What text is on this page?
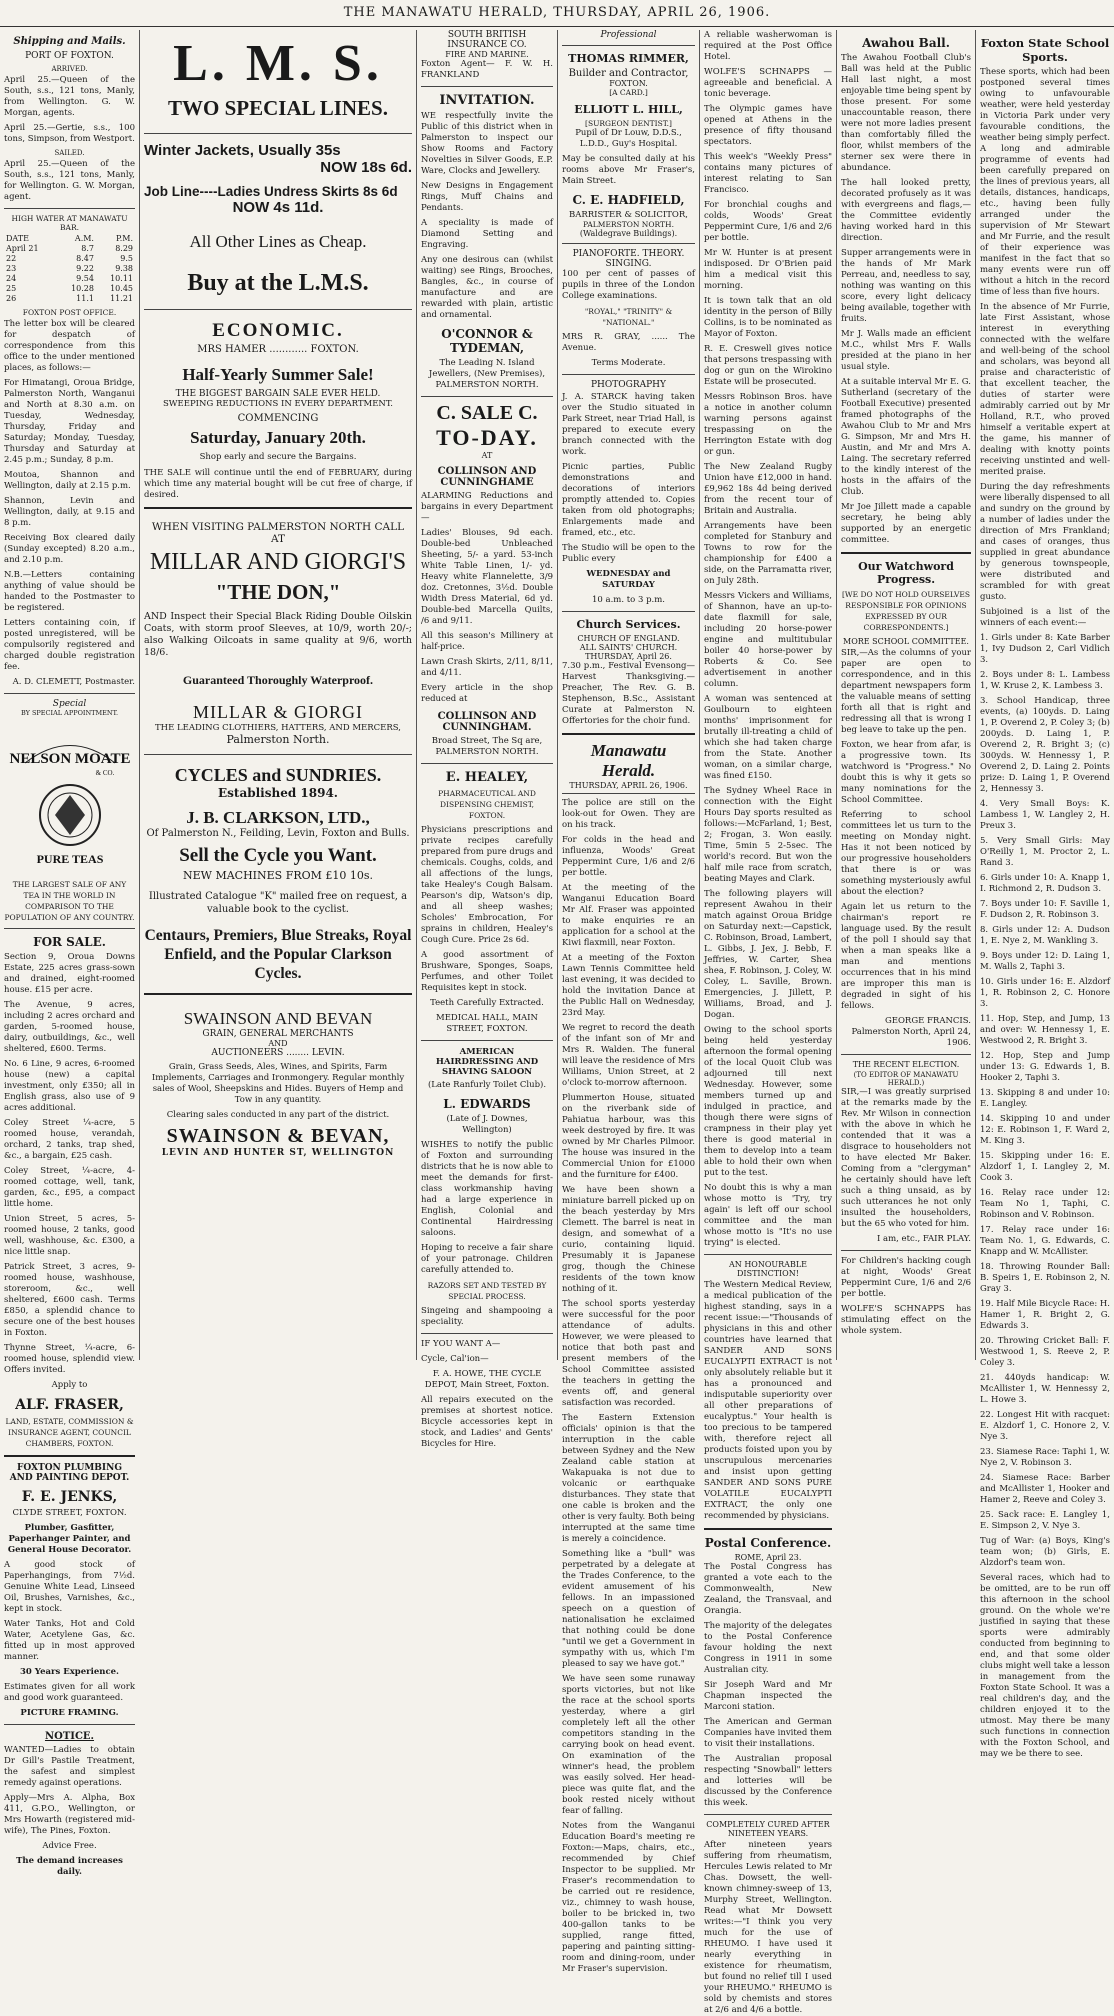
THE MANAWATU HERALD, THURSDAY, APRIL 26, 1906.
Shipping and Mails.
PORT OF FOXTON.
ARRIVED.

April 25.—Queen of the South, s.s., 121 tons, Manly, from Wellington. G. W. Morgan, agents.

April 25.—Gertie, s.s., 100 tons, Simpson, from Westport.

SAILED.

April 25.—Queen of the South, s.s., 121 tons, Manly, for Wellington. G. W. Morgan, agent.

HIGH WATER AT MANAWATU BAR.
DATE	A.M.	P.M.
April 21	8.7	8.29
22	8.47	9.5
23	9.22	9.38
24	9.54	10.11
25	10.28	10.45
26	11.1	11.21
FOXTON POST OFFICE.

The letter box will be cleared for despatch of correspondence from this office to the under mentioned places, as follows:—

For Himatangi, Oroua Bridge, Palmerston North, Wanganui and North at 8.30 a.m. on Tuesday, Wednesday, Thursday, Friday and Saturday; Monday, Tuesday, Thursday and Saturday at 2.45 p.m.; Sunday, 8 p.m.

Moutoa, Shannon and Wellington, daily at 2.15 p.m.

Shannon, Levin and Wellington, daily, at 9.15 and 8 p.m.

Receiving Box cleared daily (Sunday excepted) 8.20 a.m., and 2.10 p.m.

N.B.—Letters containing anything of value should be handed to the Postmaster to be registered.

Letters containing coin, if posted unregistered, will be compulsorily registered and charged double registration fee.

A. D. CLEMETT, Postmaster.

Special
BY SPECIAL APPOINTMENT.
NELSON MOATE
& CO.
PURE TEAS

THE LARGEST SALE OF ANY TEA IN THE WORLD IN COMPARISON TO THE POPULATION OF ANY COUNTRY.

FOR SALE.

Section 9, Oroua Downs Estate, 225 acres grass-sown and drained, eight-roomed house. £15 per acre.

The Avenue, 9 acres, including 2 acres orchard and garden, 5-roomed house, dairy, outbuildings, &c., well sheltered, £600. Terms.

No. 6 Line, 9 acres, 6-roomed house (new) a capital investment, only £350; all in English grass, also use of 9 acres additional.

Coley Street ¼-acre, 5 roomed house, verandah, orchard, 2 tanks, trap shed, &c., a bargain, £25 cash.

Coley Street, ¼-acre, 4-roomed cottage, well, tank, garden, &c., £95, a compact little home.

Union Street, 5 acres, 5-roomed house, 2 tanks, good well, washhouse, &c. £300, a nice little snap.

Patrick Street, 3 acres, 9-roomed house, washhouse, storeroom, &c., well sheltered, £600 cash. Terms £850, a splendid chance to secure one of the best houses in Foxton.

Thynne Street, ¼-acre, 6-roomed house, splendid view. Offers invited.

Apply to

ALF. FRASER,

LAND, ESTATE, COMMISSION & INSURANCE AGENT, COUNCIL CHAMBERS, FOXTON.

FOXTON PLUMBING AND PAINTING DEPOT.
F. E. JENKS,

CLYDE STREET, FOXTON.

Plumber, Gasfitter, Paperhanger Painter, and General House Decorator.

A good stock of Paperhangings, from 7½d. Genuine White Lead, Linseed Oil, Brushes, Varnishes, &c., kept in stock.

Water Tanks, Hot and Cold Water, Acetylene Gas, &c. fitted up in most approved manner.

30 Years Experience.

Estimates given for all work and good work guaranteed.

PICTURE FRAMING.

NOTICE.

WANTED—Ladies to obtain Dr Gill's Pastile Treatment, the safest and simplest remedy against operations.

Apply—Mrs A. Alpha, Box 411, G.P.O., Wellington, or Mrs Howarth (registered mid-wife), The Pines, Foxton.

Advice Free.

The demand increases daily.

L. M. S.
TWO SPECIAL LINES.
Winter Jackets, Usually 35s
NOW 18s 6d.
Job Line----Ladies Undress Skirts 8s 6d
NOW 4s 11d.
All Other Lines as Cheap.
Buy at the L.M.S.
ECONOMIC.
MRS HAMER ............ FOXTON.
Half-Yearly Summer Sale!
THE BIGGEST BARGAIN SALE EVER HELD.
SWEEPING REDUCTIONS IN EVERY DEPARTMENT.
COMMENCING
Saturday, January 20th.
Shop early and secure the Bargains.

THE SALE will continue until the end of FEBRUARY, during which time any material bought will be cut free of charge, if desired.

WHEN VISITING PALMERSTON NORTH CALL AT
MILLAR AND GIORGI'S
"THE DON,"

AND Inspect their Special Black Riding Double Oilskin Coats, with storm proof Sleeves, at 10/9, worth 20/-; also Walking Oilcoats in same quality at 9/6, worth 18/6.

Guaranteed Thoroughly Waterproof.
MILLAR & GIORGI
THE LEADING CLOTHIERS, HATTERS, AND MERCERS,
Palmerston North.
CYCLES and SUNDRIES.
Established 1894.
J. B. CLARKSON, LTD.,
Of Palmerston N., Feilding, Levin, Foxton and Bulls.
Sell the Cycle you Want.
NEW MACHINES FROM £10 10s.

Illustrated Catalogue "K" mailed free on request, a valuable book to the cyclist.

Centaurs, Premiers, Blue Streaks, Royal Enfield, and the Popular Clarkson Cycles.
SWAINSON AND BEVAN
GRAIN, GENERAL MERCHANTS
AND
AUCTIONEERS ........ LEVIN.

Grain, Grass Seeds, Ales, Wines, and Spirits, Farm Implements, Carriages and Ironmongery. Regular monthly sales of Wool, Sheepskins and Hides. Buyers of Hemp and Tow in any quantity.

Clearing sales conducted in any part of the district.

SWAINSON & BEVAN,
LEVIN AND HUNTER ST, WELLINGTON
SOUTH BRITISH INSURANCE CO.
FIRE AND MARINE.

Foxton Agent— F. W. H. FRANKLAND

INVITATION.

WE respectfully invite the Public of this district when in Palmerston to inspect our Show Rooms and Factory Novelties in Silver Goods, E.P. Ware, Clocks and Jewellery.

New Designs in Engagement Rings, Muff Chains and Pendants.

A speciality is made of Diamond Setting and Engraving.

Any one desirous can (whilst waiting) see Rings, Brooches, Bangles, &c., in course of manufacture and are rewarded with plain, artistic and ornamental.

O'CONNOR & TYDEMAN,

The Leading N. Island Jewellers, (New Premises), PALMERSTON NORTH.

C. SALE C.
TO-DAY.
AT
COLLINSON AND CUNNINGHAME

ALARMING Reductions and bargains in every Department—

Ladies' Blouses, 9d each. Double-bed Unbleached Sheeting, 5/- a yard. 53-inch White Table Linen, 1/- yd. Heavy white Flannelette, 3/9 doz. Cretonnes, 3½d. Double Width Dress Material, 6d yd. Double-bed Marcella Quilts, /6 and 9/11.

All this season's Millinery at half-price.

Lawn Crash Skirts, 2/11, 8/11, and 4/11.

Every article in the shop reduced at

COLLINSON AND CUNNINGHAM.

Broad Street, The Sq are, PALMERSTON NORTH.

E. HEALEY,

PHARMACEUTICAL AND DISPENSING CHEMIST, FOXTON.

Physicians prescriptions and private recipes carefully prepared from pure drugs and chemicals. Coughs, colds, and all affections of the lungs, take Healey's Cough Balsam. Pearson's dip, Watson's dip, and all sheep washes; Scholes' Embrocation, For sprains in children, Healey's Cough Cure. Price 2s 6d.

A good assortment of Brushware, Sponges, Soaps, Perfumes, and other Toilet Requisites kept in stock.

Teeth Carefully Extracted.

MEDICAL HALL, MAIN STREET, FOXTON.

AMERICAN HAIRDRESSING AND SHAVING SALOON

(Late Ranfurly Toilet Club).

L. EDWARDS

(Late of J. Downes, Wellington)

WISHES to notify the public of Foxton and surrounding districts that he is now able to meet the demands for first-class workmanship having had a large experience in English, Colonial and Continental Hairdressing saloons.

Hoping to receive a fair share of your patronage. Children carefully attended to.

RAZORS SET AND TESTED BY SPECIAL PROCESS.

Singeing and shampooing a speciality.

IF YOU WANT A—

Cycle, Cal'ion—

F. A. HOWE, THE CYCLE DEPOT, Main Street, Foxton.

All repairs executed on the premises at shortest notice. Bicycle accessories kept in stock, and Ladies' and Gents' Bicycles for Hire.

Professional
THOMAS RIMMER,
Builder and Contractor,
FOXTON.
[A CARD.]
ELLIOTT L. HILL,
[SURGEON DENTIST.]

Pupil of Dr Louw, D.D.S., L.D.D., Guy's Hospital.

May be consulted daily at his rooms above Mr Fraser's, Main Street.

C. E. HADFIELD,
BARRISTER & SOLICITOR,
PALMERSTON NORTH.
(Waldegrave Buildings).
PIANOFORTE. THEORY. SINGING.

100 per cent of passes of pupils in three of the London College examinations.

"ROYAL," "TRINITY" & "NATIONAL."

MRS R. GRAY, ...... The Avenue.

Terms Moderate.

PHOTOGRAPHY

J. A. STARCK having taken over the Studio situated in Park Street, near Triad Hall, is prepared to execute every branch connected with the work.

Picnic parties, Public demonstrations and decorations of interiors promptly attended to. Copies taken from old photographs; Enlargements made and framed, etc., etc.

The Studio will be open to the Public every

WEDNESDAY and SATURDAY

10 a.m. to 3 p.m.

Church Services.
CHURCH OF ENGLAND.
ALL SAINTS' CHURCH.
THURSDAY, April 26.

7.30 p.m., Festival Evensong—Harvest Thanksgiving.—Preacher, The Rev. G. B. Stephenson, B.Sc., Assistant Curate at Palmerston N. Offertories for the choir fund.

Manawatu Herald.
THURSDAY, APRIL 26, 1906.

The police are still on the look-out for Owen. They are on his track.

For colds in the head and influenza, Woods' Great Peppermint Cure, 1/6 and 2/6 per bottle.

At the meeting of the Wanganui Education Board Mr Alf. Fraser was appointed to make enquiries re an application for a school at the Kiwi flaxmill, near Foxton.

At a meeting of the Foxton Lawn Tennis Committee held last evening, it was decided to hold the invitation Dance at the Public Hall on Wednesday, 23rd May.

We regret to record the death of the infant son of Mr and Mrs R. Walden. The funeral will leave the residence of Mrs Williams, Union Street, at 2 o'clock to-morrow afternoon.

Plummerton House, situated on the riverbank side of Pahiatua harbour, was this week destroyed by fire. It was owned by Mr Charles Pilmoor. The house was insured in the Commercial Union for £1000 and the furniture for £400.

We have been shown a miniature barrell picked up on the beach yesterday by Mrs Clemett. The barrel is neat in design, and somewhat of a curio, containing liquid. Presumably it is Japanese grog, though the Chinese residents of the town know nothing of it.

The school sports yesterday were successful for the poor attendance of adults. However, we were pleased to notice that both past and present members of the School Committee assisted the teachers in getting the events off, and general satisfaction was recorded.

The Eastern Extension officials' opinion is that the interruption in the cable between Sydney and the New Zealand cable station at Wakapuaka is not due to volcanic or earthquake disturbances. They state that one cable is broken and the other is very faulty. Both being interrupted at the same time is merely a coincidence.

Something like a "bull" was perpetrated by a delegate at the Trades Conference, to the evident amusement of his fellows. In an impassioned speech on a question of nationalisation he exclaimed that nothing could be done "until we get a Government in sympathy with us, which I'm pleased to say we have got."

We have seen some runaway sports victories, but not like the race at the school sports yesterday, where a girl completely left all the other competitors standing in the carrying book on head event. On examination of the winner's head, the problem was easily solved. Her head-piece was quite flat, and the book rested nicely without fear of falling.

Notes from the Wanganui Education Board's meeting re Foxton:—Maps, chairs, etc., recommended by Chief Inspector to be supplied. Mr Fraser's recommendation to be carried out re residence, viz., chimney to wash house, boiler to be bricked in, two 400-gallon tanks to be supplied, range fitted, papering and painting sitting-room and dining-room, under Mr Fraser's supervision.

A reliable washerwoman is required at the Post Office Hotel.

WOLFE'S SCHNAPPS — agreeable and beneficial. A tonic beverage.

The Olympic games have opened at Athens in the presence of fifty thousand spectators.

This week's "Weekly Press" contains many pictures of interest relating to San Francisco.

For bronchial coughs and colds, Woods' Great Peppermint Cure, 1/6 and 2/6 per bottle.

Mr W. Hunter is at present indisposed. Dr O'Brien paid him a medical visit this morning.

It is town talk that an old identity in the person of Billy Collins, is to be nominated as Mayor of Foxton.

R. E. Creswell gives notice that persons trespassing with dog or gun on the Wirokino Estate will be prosecuted.

Messrs Robinson Bros. have a notice in another column warning persons against trespassing on the Herrington Estate with dog or gun.

The New Zealand Rugby Union have £12,000 in hand. £9,962 18s 4d being derived from the recent tour of Britain and Australia.

Arrangements have been completed for Stanbury and Towns to row for the championship for £400 a side, on the Parramatta river, on July 28th.

Messrs Vickers and Williams, of Shannon, have an up-to-date flaxmill for sale, including 20 horse-power engine and multitubular boiler 40 horse-power by Roberts & Co. See advertisement in another column.

A woman was sentenced at Goulbourn to eighteen months' imprisonment for brutally ill-treating a child of which she had taken charge from the State. Another woman, on a similar charge, was fined £150.

The Sydney Wheel Race in connection with the Eight Hours Day sports resulted as follows:—McFarland, 1; Best, 2; Frogan, 3. Won easily. Time, 5min 5 2-5sec. The world's record. But won the half mile race from scratch, beating Mayes and Clark.

The following players will represent Awahou in their match against Oroua Bridge on Saturday next:—Capstick, C. Robinson, Broad, Lambert, L. Gibbs, J. Jex, J. Bebb, F. Jeffries, W. Carter, Shea shea, F. Robinson, J. Coley, W. Coley, L. Saville, Brown. Emergencies, J. Jillett, P. Williams, Broad, and J. Dogan.

Owing to the school sports being held yesterday afternoon the formal opening of the local Quoit Club was adjourned till next Wednesday. However, some members turned up and indulged in practice, and though there were signs of crampness in their play yet there is good material in them to develop into a team able to hold their own when put to the test.

No doubt this is why a man whose motto is 'Try, try again' is left off our school committee and the man whose motto is "It's no use trying" is elected.

AN HONOURABLE DISTINCTION!

The Western Medical Review, a medical publication of the highest standing, says in a recent issue:—"Thousands of physicians in this and other countries have learned that SANDER AND SONS EUCALYPTI EXTRACT is not only absolutely reliable but it has a pronounced and indisputable superiority over all other preparations of eucalyptus." Your health is too precious to be tampered with, therefore reject all products foisted upon you by unscrupulous mercenaries and insist upon getting SANDER AND SONS PURE VOLATILE EUCALYPTI EXTRACT, the only one recommended by physicians.

Postal Conference.
ROME, April 23.

The Postal Congress has granted a vote each to the Commonwealth, New Zealand, the Transvaal, and Orangia.

The majority of the delegates to the Postal Conference favour holding the next Congress in 1911 in some Australian city.

Sir Joseph Ward and Mr Chapman inspected the Marconi station.

The American and German Companies have invited them to visit their installations.

The Australian proposal respecting "Snowball" letters and lotteries will be discussed by the Conference this week.

COMPLETELY CURED AFTER NINETEEN YEARS.

After nineteen years suffering from rheumatism, Hercules Lewis related to Mr Chas. Dowsett, the well-known chimney-sweep of 13, Murphy Street, Wellington. Read what Mr Dowsett writes:—"I think you very much for the use of RHEUMO. I have used it nearly everything in existence for rheumatism, but found no relief till I used your RHEUMO." RHEUMO is sold by chemists and stores at 2/6 and 4/6 a bottle.

Awahou Ball.

The Awahou Football Club's Ball was held at the Public Hall last night, a most enjoyable time being spent by those present. For some unaccountable reason, there were not more ladies present than comfortably filled the floor, whilst members of the sterner sex were there in abundance.

The hall looked pretty, decorated profusely as it was with evergreens and flags,—the Committee evidently having worked hard in this direction.

Supper arrangements were in the hands of Mr Mark Perreau, and, needless to say, nothing was wanting on this score, every light delicacy being available, together with fruits.

Mr J. Walls made an efficient M.C., whilst Mrs F. Walls presided at the piano in her usual style.

At a suitable interval Mr E. G. Sutherland (secretary of the Football Executive) presented framed photographs of the Awahou Club to Mr and Mrs G. Simpson, Mr and Mrs H. Austin, and Mr and Mrs A. Laing. The secretary referred to the kindly interest of the hosts in the affairs of the Club.

Mr Joe Jillett made a capable secretary, he being ably supported by an energetic committee.

Our Watchword Progress.

[WE DO NOT HOLD OURSELVES RESPONSIBLE FOR OPINIONS EXPRESSED BY OUR CORRESPONDENTS.]

MORE SCHOOL COMMITTEE.

SIR,—As the columns of your paper are open to correspondence, and in this department newspapers form the valuable means of setting forth all that is right and redressing all that is wrong I beg leave to take up the pen.

Foxton, we hear from afar, is a progressive town. Its watchword is "Progress." No doubt this is why it gets so many nominations for the School Committee.

Referring to school committees let us turn to the meeting on Monday night. Has it not been noticed by our progressive householders that there is or was something mysteriously awful about the election?

Again let us return to the chairman's report re language used. By the result of the poll I should say that when a man speaks like a man and mentions occurrences that in his mind are improper this man is degraded in sight of his fellows.

GEORGE FRANCIS. Palmerston North, April 24, 1906.

THE RECENT ELECTION.
(TO EDITOR OF MANAWATU HERALD.)

SIR,—I was greatly surprised at the remarks made by the Rev. Mr Wilson in connection with the above in which he contended that it was a disgrace to householders not to have elected Mr Baker. Coming from a "clergyman" he certainly should have left such a thing unsaid, as by such utterances he not only insulted the householders, but the 65 who voted for him.

I am, etc., FAIR PLAY.

For Children's hacking cough at night, Woods' Great Peppermint Cure, 1/6 and 2/6 per bottle.

WOLFE'S SCHNAPPS has stimulating effect on the whole system.

Foxton State School Sports.

These sports, which had been postponed several times owing to unfavourable weather, were held yesterday in Victoria Park under very favourable conditions, the weather being simply perfect. A long and admirable programme of events had been carefully prepared on the lines of previous years, all details, distances, handicaps, etc., having been fully arranged under the supervision of Mr Stewart and Mr Furrie, and the result of their experience was manifest in the fact that so many events were run off without a hitch in the record time of less than five hours.

In the absence of Mr Furrie, late First Assistant, whose interest in everything connected with the welfare and well-being of the school and scholars, was beyond all praise and characteristic of that excellent teacher, the duties of starter were admirably carried out by Mr Holland, R.T., who proved himself a veritable expert at the game, his manner of dealing with knotty points receiving unstinted and well-merited praise.

During the day refreshments were liberally dispensed to all and sundry on the ground by a number of ladies under the direction of Mrs Frankland; and cases of oranges, thus supplied in great abundance by generous townspeople, were distributed and scrambled for with great gusto.

Subjoined is a list of the winners of each event:—

1. Girls under 8: Kate Barber 1, Ivy Dudson 2, Carl Vidlich 3.

2. Boys under 8: L. Lambess 1, W. Kruse 2, K. Lambess 3.

3. School Handicap, three events, (a) 100yds. D. Laing 1, P. Overend 2, P. Coley 3; (b) 200yds. D. Laing 1, P. Overend 2, R. Bright 3; (c) 300yds. W. Hennessy 1, P. Overend 2, D. Laing 2. Points prize: D. Laing 1, P. Overend 2, Hennessy 3.

4. Very Small Boys: K. Lambess 1, W. Langley 2, H. Preux 3.

5. Very Small Girls: May O'Reilly 1, M. Proctor 2, L. Rand 3.

6. Girls under 10: A. Knapp 1, I. Richmond 2, R. Dudson 3.

7. Boys under 10: F. Saville 1, F. Dudson 2, R. Robinson 3.

8. Girls under 12: A. Dudson 1, E. Nye 2, M. Wankling 3.

9. Boys under 12: D. Laing 1, M. Walls 2, Taphi 3.

10. Girls under 16: E. Alzdorf 1, R. Robinson 2, C. Honore 3.

11. Hop, Step, and Jump, 13 and over: W. Hennessy 1, E. Westwood 2, R. Bright 3.

12. Hop, Step and Jump under 13: G. Edwards 1, B. Hooker 2, Taphi 3.

13. Skipping 8 and under 10: E. Langley.

14. Skipping 10 and under 12: E. Robinson 1, F. Ward 2, M. King 3.

15. Skipping under 16: E. Alzdorf 1, I. Langley 2, M. Cook 3.

16. Relay race under 12: Team No 1, Taphi, C. Robinson and V. Robinson.

17. Relay race under 16: Team No. 1, G. Edwards, C. Knapp and W. McAllister.

18. Throwing Rounder Ball: B. Speirs 1, E. Robinson 2, N. Gray 3.

19. Half Mile Bicycle Race: H. Hamer 1, R. Bright 2, G. Edwards 3.

20. Throwing Cricket Ball: F. Westwood 1, S. Reeve 2, P. Coley 3.

21. 440yds handicap: W. McAllister 1, W. Hennessy 2, L. Howe 3.

22. Longest Hit with racquet: E. Alzdorf 1, C. Honore 2, V. Nye 3.

23. Siamese Race: Taphi 1, W. Nye 2, V. Robinson 3.

24. Siamese Race: Barber and McAllister 1, Hooker and Hamer 2, Reeve and Coley 3.

25. Sack race: E. Langley 1, E. Simpson 2, V. Nye 3.

Tug of War: (a) Boys, King's team won; (b) Girls, E. Alzdorf's team won.

Several races, which had to be omitted, are to be run off this afternoon in the school ground. On the whole we're justified in saying that these sports were admirably conducted from beginning to end, and that some older clubs might well take a lesson in management from the Foxton State School. It was a real children's day, and the children enjoyed it to the utmost. May there be many such functions in connection with the Foxton School, and may we be there to see.
